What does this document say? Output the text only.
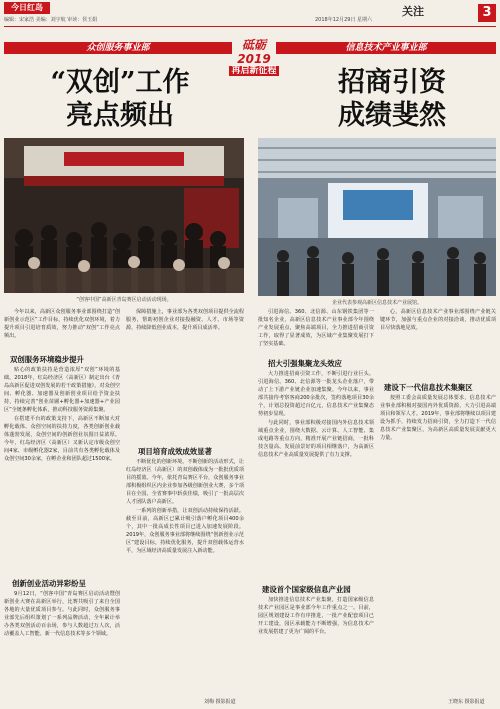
今日红岛
编辑：宋家浩 美编：刘宇航 审读：侯玉娟	2018年12月29日 星期六
关注	3
众创服务事业部	信息技术产业事业部
砥砺2019
再启新征程
“双创”工作
亮点频出
招商引资
成绩斐然
“创客中国”高新区青岛赛区启动活动现场。	企业代表参观高新区信息技术产业展馆。

今年以来，高新区众创服务事业部围绕打造“创新创业示范区”工作目标，持续优化双创环境，着力提升项目引进培育质效，努力推动“双创”工作亮点频出。

双创服务环境稳步提升

贴心的政策扶持是营造浓厚“双创”环境的基础。2018年，红岛经济区（高新区）制定出台《青岛高新区促进双创发展的若干政策措施》，对众创空间、孵化器、加速器及创新创业项目给予资金扶持，持续完善“创业苗圃+孵化器+加速器+产业园区”全链条孵化体系，推动科技服务资源集聚。

在搭建平台的政策支持下，高新区不断加大对孵化载体、众创空间的扶持力度，各类创新创业载体蓬勃发展，众创空间的创新创业氛围日益浓厚。今年，红岛经济区（高新区）又新认定市级众创空间4家、市级孵化器2家，目前共有各类孵化载体及众创空间30余家，在孵企业和团队超过1500家。

创新创业活动异彩纷呈

9月12日，“创客中国”青岛赛区启动活动暨创新创业大赛在高新区举行，比赛共吸引了来自全国各地的大量优质项目参与。与此同时，众创服务事业部先后组织策划了一系列品牌活动，全年累计举办各类双创活动百余场，参与人数超过万人次，活动覆盖人工智能、新一代信息技术等多个领域。

保障措施上，事业部为各类双创项目提供全流程服务，帮助初创企业对接投融资、人才、市场等资源，持续降低创业成本，提升项目成活率。

项目培育成效成效显著

不断优化的创新环境，不断创新的活动形式，让红岛经济区（高新区）的双创载体成为一批批优质项目的摇篮。今年，依托青岛赛区平台，众创服务事业部积极组织区内企业参加各级创新创业大赛，多个项目在全国、全省赛事中斩获佳绩，吸引了一批高层次人才团队落户高新区。

一系列的创新举措，让双创活动持续保持活跃。截至目前，高新区已累计吸引落户孵化项目400余个，其中一批高成长性项目已进入加速发展阶段。2019年，众创服务事业部将继续围绕“创新创业示范区”建设目标，持续优化服务，提升双创载体运营水平，为区域经济高质量发展注入新动能。

刘梅 摄影报道

引进海信、360、北信源、山东钢铁集团等一批知名企业，高新区信息技术产业事业部今年围绕产业发展重点，聚焦高端项目，全力推进招商引资工作，取得了显著成效，为区域产业集聚发展打下了坚实基础。

招大引强集聚龙头效应

大力推进招商引资工作，不断引进行业巨头。引进海信、360、北信源等一批龙头企业落户，带动了上下游产业链企业加速集聚。今年以来，事业部共接待考察客商200余批次，签约落地项目30余个，计划总投资超过百亿元，信息技术产业集聚态势初步显现。

与此同时，事业部积极对接国内外信息技术领域重点企业，围绕大数据、云计算、人工智能、集成电路等重点方向，精准开展产业链招商，一批科技含量高、发展前景好的项目相继落户，为高新区信息技术产业高质量发展提供了有力支撑。

建设首个国家级信息产业园

加快推进信息技术产业集聚，打造国家级信息技术产业园区是事业部今年工作重点之一。目前，园区规划建设工作有序推进，一批产业配套项目已开工建设，园区承载能力不断增强，为信息技术产业发展搭建了更为广阔的平台。

心，高新区信息技术产业事业部围绕产业链关键环节，加强与重点企业的对接洽谈，推动优质项目尽快落地见效。

建设下一代信息技术集聚区

按照工委会高质量发展总体要求，信息技术产业事业部积极对接国内外优质资源，大力引进高端项目和领军人才。2019年，事业部将继续以项目建设为抓手，持续发力招商引资，全力打造下一代信息技术产业集聚区，为高新区高质量发展贡献更大力量。

王晓东 摄影报道
